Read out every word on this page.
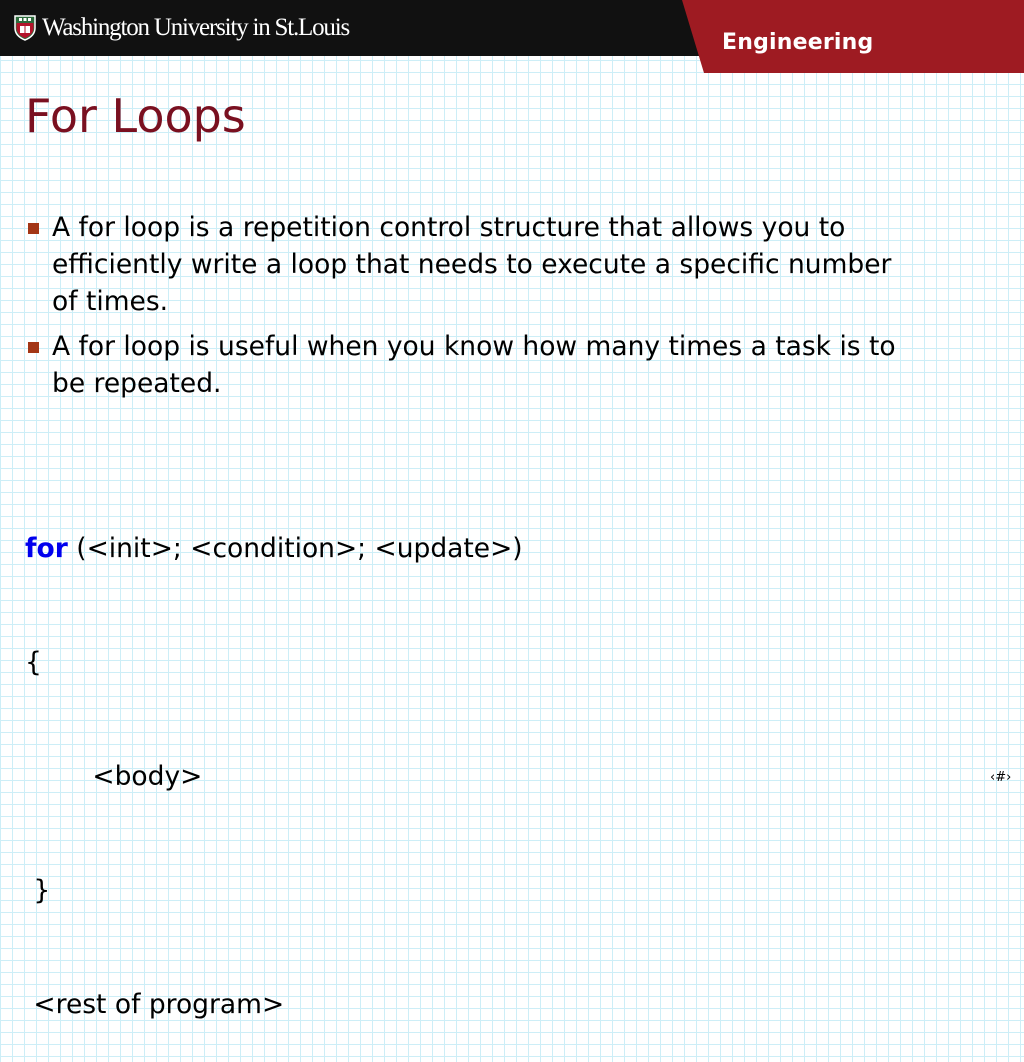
Washington University in St.Louis
Engineering
For Loops
A for loop is a repetition control structure that allows you to efficiently write a loop that needs to execute a specific number of times.
A for loop is useful when you know how many times a task is to be repeated.

for (<init>; <condition>; <update>)

{

<body>

}

<rest of program>

‹#›
